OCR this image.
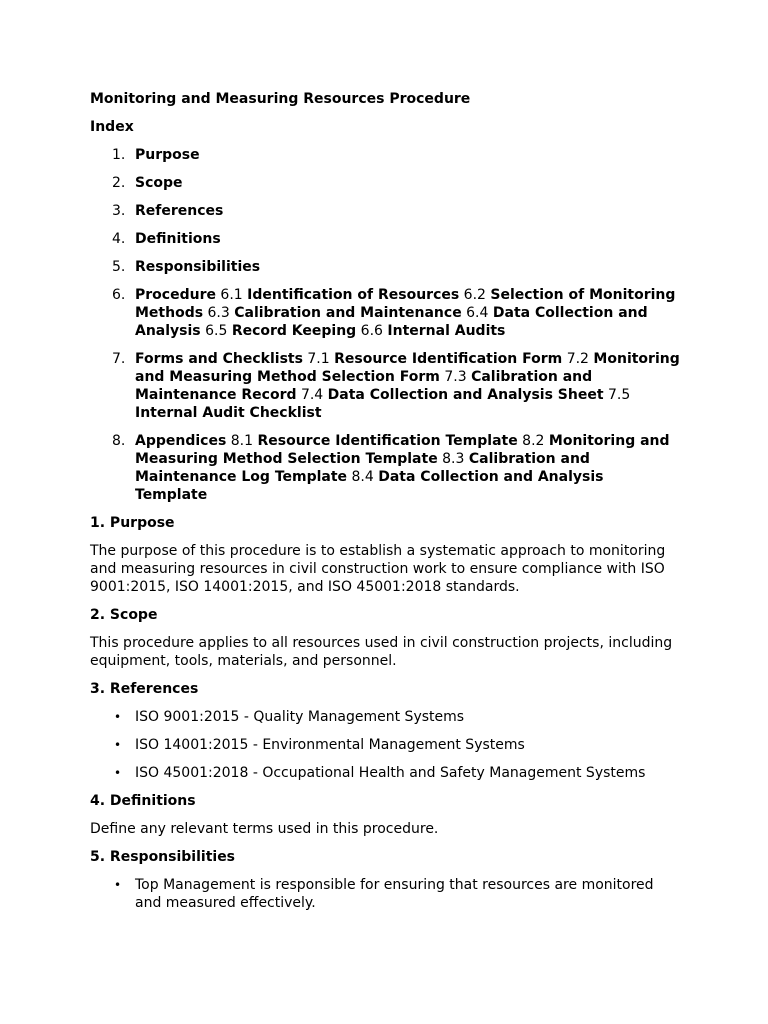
Monitoring and Measuring Resources Procedure
Index
1. Purpose
2. Scope
3. References
4. Definitions
5. Responsibilities
6. Procedure 6.1 Identification of Resources 6.2 Selection of Monitoring Methods 6.3 Calibration and Maintenance 6.4 Data Collection and Analysis 6.5 Record Keeping 6.6 Internal Audits
7. Forms and Checklists 7.1 Resource Identification Form 7.2 Monitoring and Measuring Method Selection Form 7.3 Calibration and Maintenance Record 7.4 Data Collection and Analysis Sheet 7.5 Internal Audit Checklist
8. Appendices 8.1 Resource Identification Template 8.2 Monitoring and Measuring Method Selection Template 8.3 Calibration and Maintenance Log Template 8.4 Data Collection and Analysis Template
1. Purpose
The purpose of this procedure is to establish a systematic approach to monitoring and measuring resources in civil construction work to ensure compliance with ISO 9001:2015, ISO 14001:2015, and ISO 45001:2018 standards.
2. Scope
This procedure applies to all resources used in civil construction projects, including equipment, tools, materials, and personnel.
3. References
• ISO 9001:2015 - Quality Management Systems
• ISO 14001:2015 - Environmental Management Systems
• ISO 45001:2018 - Occupational Health and Safety Management Systems
4. Definitions
Define any relevant terms used in this procedure.
5. Responsibilities
• Top Management is responsible for ensuring that resources are monitored and measured effectively.
